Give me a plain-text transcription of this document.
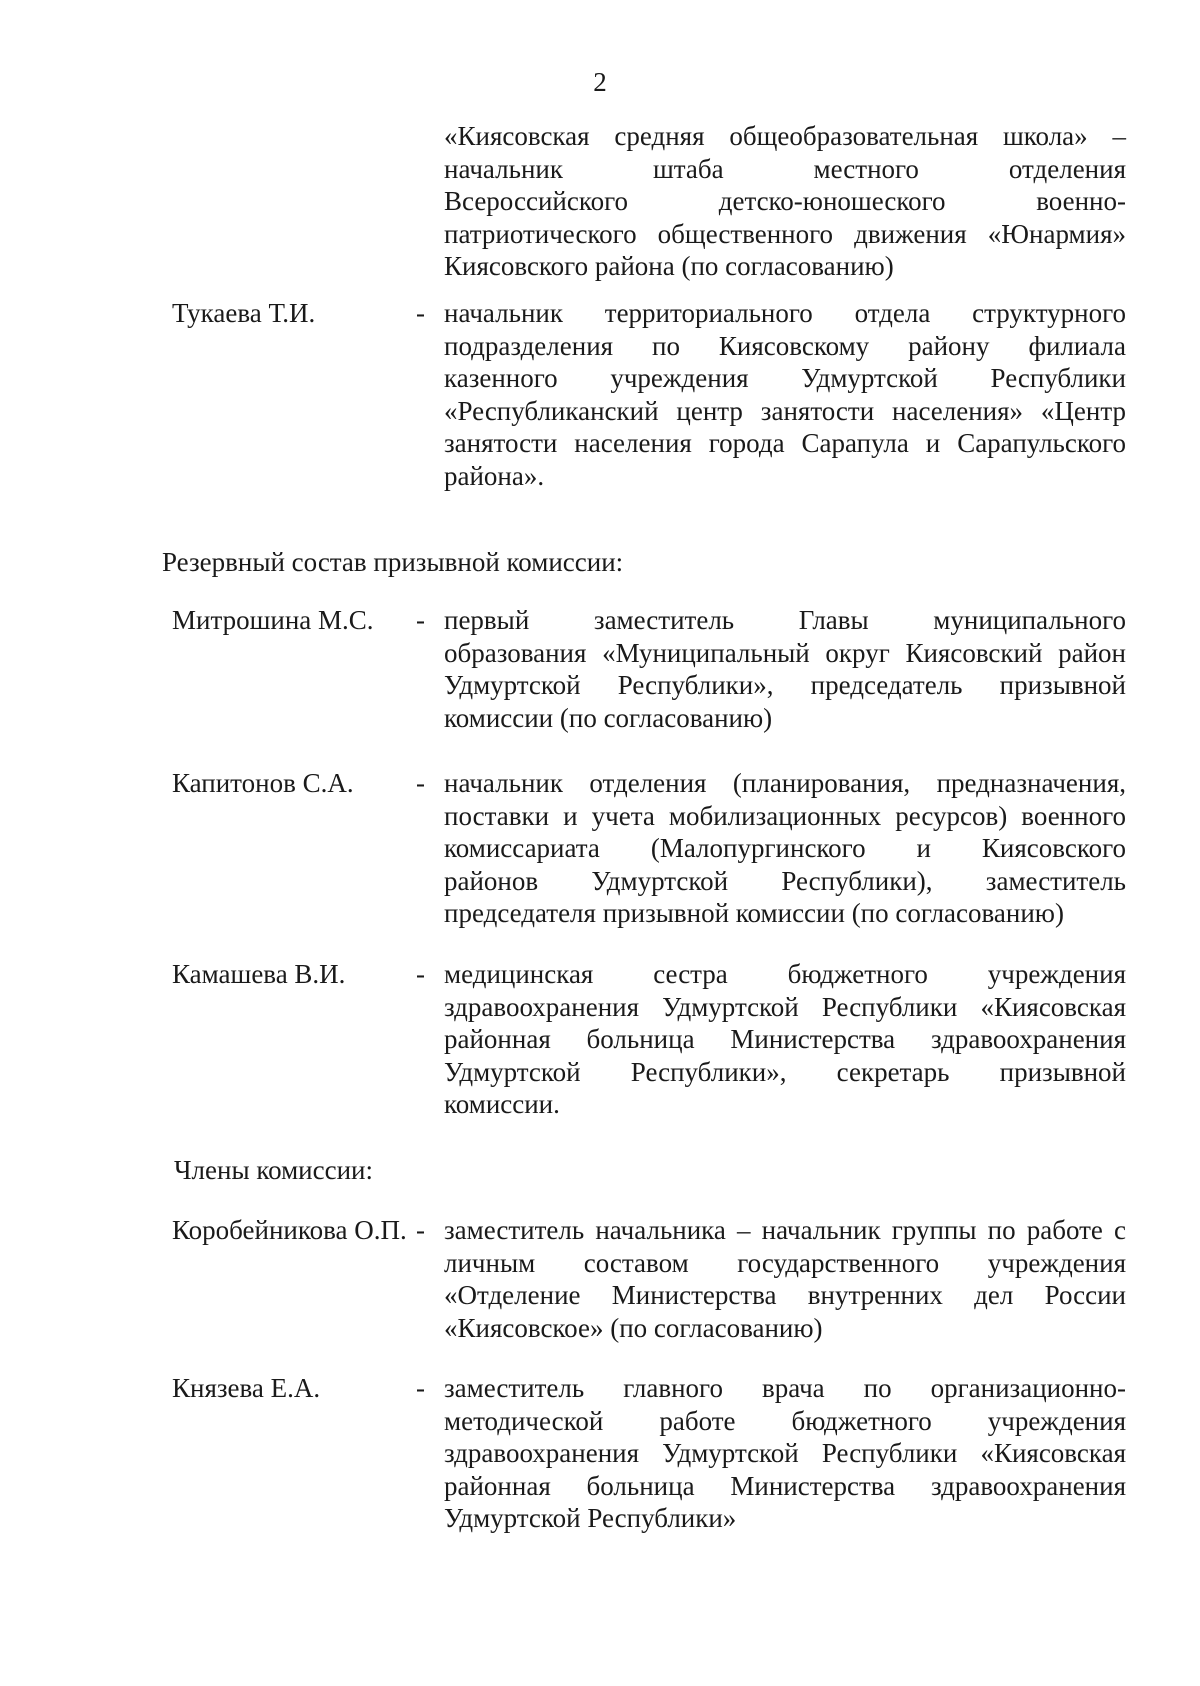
2
«Киясовская средняя общеобразовательная школа» –
начальник штаба местного отделения
Всероссийского детско-юношеского военно-
патриотического общественного движения «Юнармия»
Киясовского района (по согласованию)
Тукаева Т.И.	- начальник территориального отдела структурного
подразделения по Киясовскому району филиала
казенного учреждения Удмуртской Республики
«Республиканский центр занятости населения» «Центр
занятости населения города Сарапула и Сарапульского
района».
Резервный состав призывной комиссии:
Митрошина М.С. - первый заместитель Главы муниципального
образования «Муниципальный округ Киясовский район
Удмуртской Республики», председатель призывной
комиссии (по согласованию)
Капитонов С.А. - начальник отделения (планирования, предназначения,
поставки и учета мобилизационных ресурсов) военного
комиссариата (Малопургинского и Киясовского
районов Удмуртской Республики), заместитель
председателя призывной комиссии (по согласованию)
Камашева В.И.	- медицинская сестра бюджетного учреждения
здравоохранения Удмуртской Республики «Киясовская
районная больница Министерства здравоохранения
Удмуртской Республики», секретарь призывной
комиссии.
Члены комиссии:
Коробейникова О.П. - заместитель начальника – начальник группы по работе с
личным составом государственного учреждения
«Отделение Министерства внутренних дел России
«Киясовское» (по согласованию)
Князева Е.А.	- заместитель главного врача по организационно-
методической работе бюджетного учреждения
здравоохранения Удмуртской Республики «Киясовская
районная больница Министерства здравоохранения
Удмуртской Республики»
